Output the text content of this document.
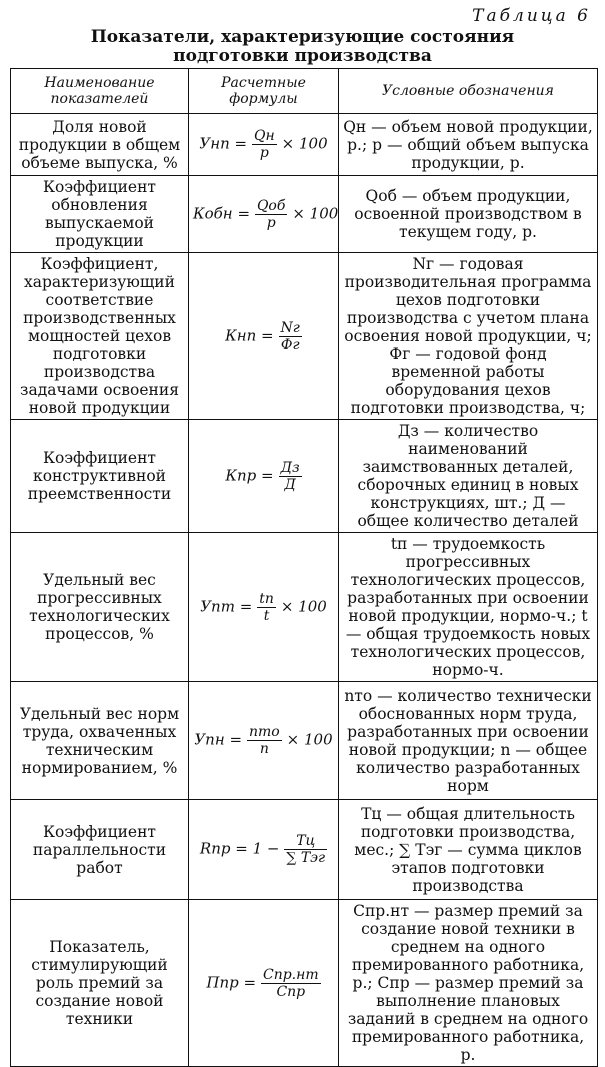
Таблица 6
Показатели, характеризующие состояния
подготовки производства
Наименование показателей	Расчетные формулы	Условные обозначения
Доля новой продукции в общем объеме выпуска, %	Унп = $\frac{Qн}{р} \times 100$	Qн — объем новой продукции, р.; р — общий объем выпуска продукции, р.
Коэффициент обновления выпускаемой продукции	Кобн = $\frac{\text{Qоб}}{р} \times 100$	Qоб — объем продукции, освоенной производством в текущем году, р.
Коэффициент, характеризующий соответствие производственных мощностей цехов подготовки производства задачами освоения новой продукции	Кнп = $\frac{Nг}{Фг}$	Nг — годовая производительная программа цехов подготовки производства с учетом плана освоения новой продукции, ч; Фг — годовой фонд временной работы оборудования цехов подготовки производства, ч;
Коэффициент конструктивной преемственности	Кпр = $\frac{Дз}{Д}$	Дз — количество наименований заимствованных деталей, сборочных единиц в новых конструкциях, шт.; Д — общее количество деталей
Удельный вес прогрессивных технологических процессов, %	Упт = $\frac{tп}{t} \times 100$	tп — трудоемкость прогрессивных технологических процессов, разработанных при освоении новой продукции, нормо-ч.; t — общая трудоемкость новых технологических процессов, нормо-ч.
Удельный вес норм труда, охваченных техническим нормированием, %	Упн = $\frac{\text{nто}}{n} \times 100$	nто — количество технически обоснованных норм труда, разработанных при освоении новой продукции; n — общее количество разработанных норм
Коэффициент параллельности работ	Rпр = $1 - \frac{Тц}{\text{∑ Тэг}}$	Тц — общая длительность подготовки производства, мес.; ∑ Тэг — сумма циклов этапов подготовки производства
Показатель, стимулирующий роль премий за создание новой техники	Ппр = $\frac{\text{Спр.нт}}{\text{Спр}}$	Спр.нт — размер премий за создание новой техники в среднем на одного премированного работника, р.; Спр — размер премий за выполнение плановых заданий в среднем на одного премированного работника, р.
